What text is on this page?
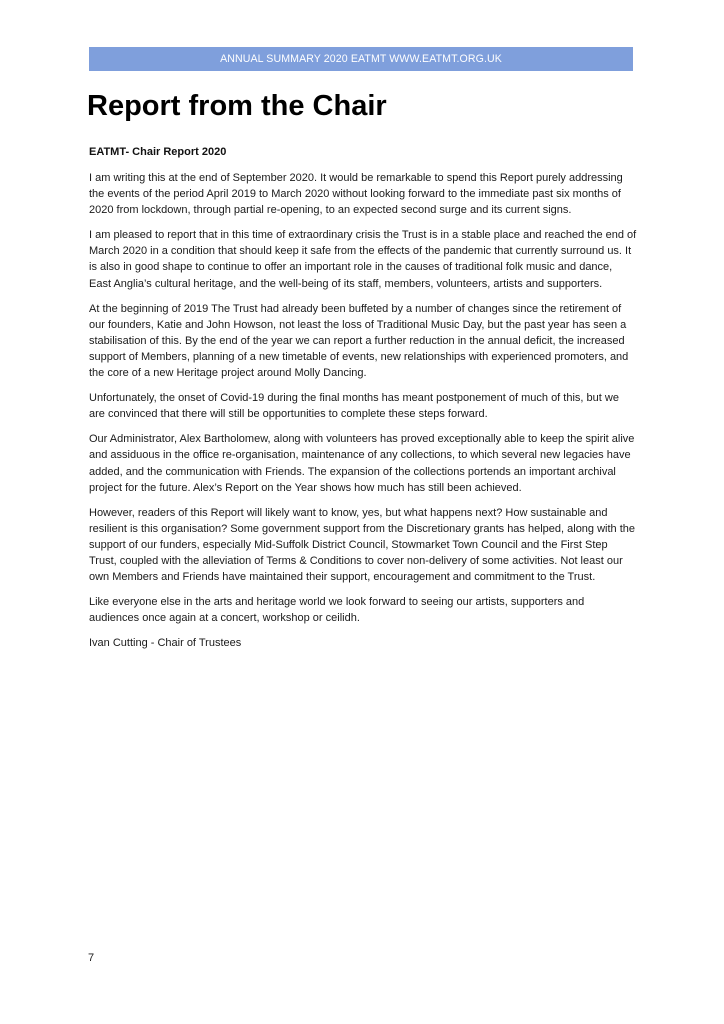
ANNUAL SUMMARY 2020 EATMT WWW.EATMT.ORG.UK
Report from the Chair

EATMT- Chair Report 2020

I am writing this at the end of September 2020. It would be remarkable to spend this Report purely addressing the events of the period April 2019 to March 2020 without looking forward to the immediate past six months of 2020 from lockdown, through partial re-opening, to an expected second surge and its current signs.

I am pleased to report that in this time of extraordinary crisis the Trust is in a stable place and reached the end of March 2020 in a condition that should keep it safe from the effects of the pandemic that currently surround us. It is also in good shape to continue to offer an important role in the causes of traditional folk music and dance, East Anglia’s cultural heritage, and the well-being of its staff, members, volunteers, artists and supporters.

At the beginning of 2019 The Trust had already been buffeted by a number of changes since the retirement of our founders, Katie and John Howson, not least the loss of Traditional Music Day, but the past year has seen a stabilisation of this. By the end of the year we can report a further reduction in the annual deficit, the increased support of Members, planning of a new timetable of events, new relationships with experienced promoters, and the core of a new Heritage project around Molly Dancing.

Unfortunately, the onset of Covid-19 during the final months has meant postponement of much of this, but we are convinced that there will still be opportunities to complete these steps forward.

Our Administrator, Alex Bartholomew, along with volunteers has proved exceptionally able to keep the spirit alive and assiduous in the office re-organisation, maintenance of any collections, to which several new legacies have added, and the communication with Friends. The expansion of the collections portends an important archival project for the future. Alex’s Report on the Year shows how much has still been achieved.

However, readers of this Report will likely want to know, yes, but what happens next? How sustainable and resilient is this organisation? Some government support from the Discretionary grants has helped, along with the support of our funders, especially Mid-Suffolk District Council, Stowmarket Town Council and the First Step Trust, coupled with the alleviation of Terms & Conditions to cover non-delivery of some activities. Not least our own Members and Friends have maintained their support, encouragement and commitment to the Trust.

Like everyone else in the arts and heritage world we look forward to seeing our artists, supporters and audiences once again at a concert, workshop or ceilidh.

Ivan Cutting - Chair of Trustees

7
